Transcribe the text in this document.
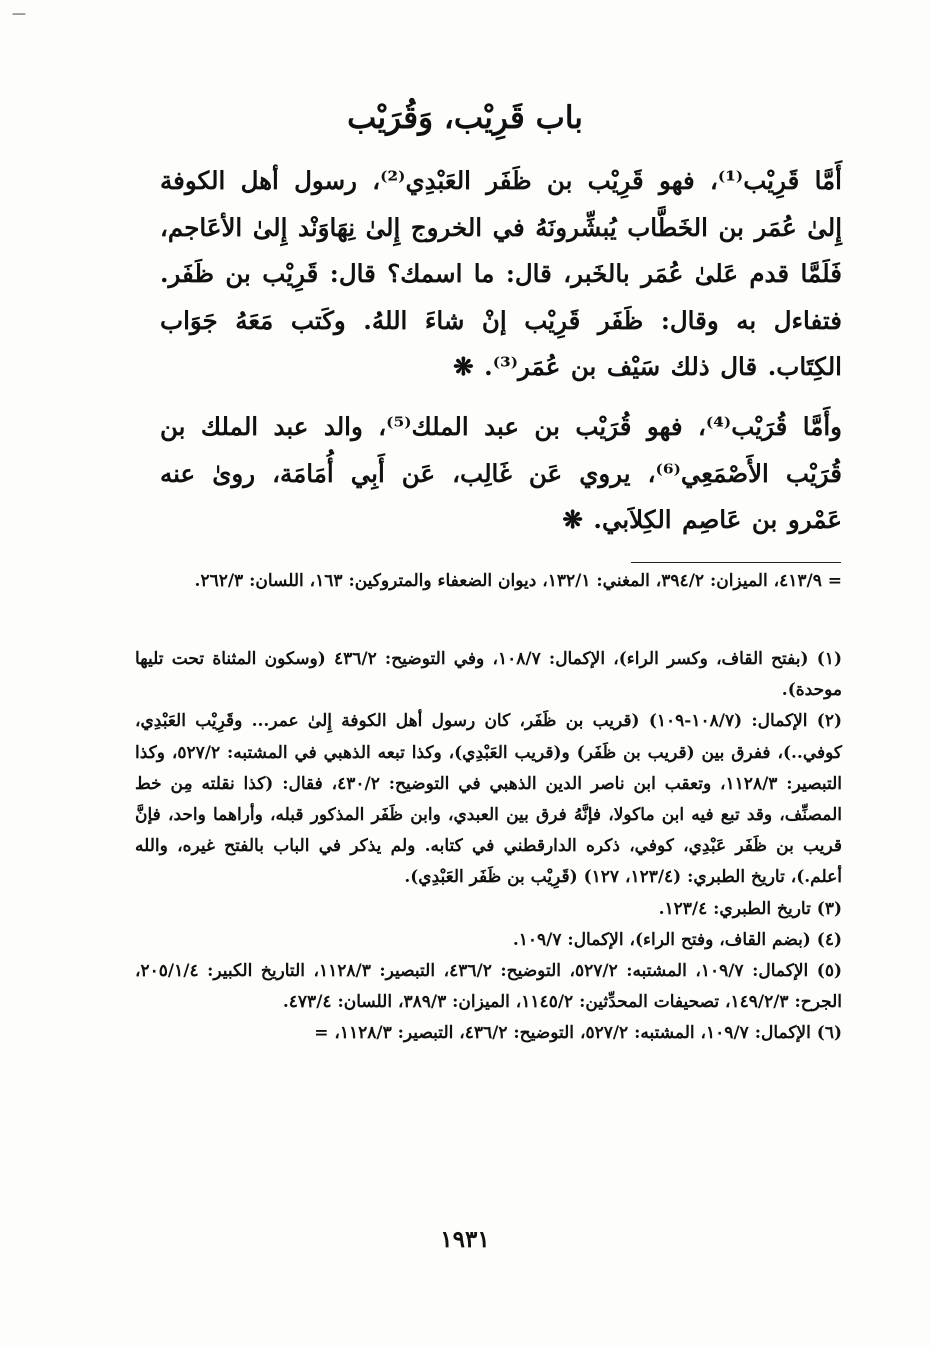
—
باب قَرِيْب، وَقُرَيْب
أَمَّا قَرِيْب⁽¹⁾، فهو قَرِيْب بن ظَفَر العَبْدِي⁽²⁾، رسول أهل الكوفة إِلىٰ عُمَر بن الخَطَّاب يُبشِّرونَهُ في الخروج إِلىٰ نِهَاوَنْد إِلىٰ الأعَاجم، فَلَمَّا قدم عَلىٰ عُمَر بالخَبر، قال: ما اسمك؟ قال: قَرِيْب بن ظَفَر. فتفاءل به وقال: ظَفَر قَرِيْب إنْ شاءَ اللهُ. وكَتب مَعَهُ جَوَاب الكِتَاب. قال ذلك سَيْف بن عُمَر⁽³⁾. ❋
وأَمَّا قُرَيْب⁽⁴⁾، فهو قُرَيْب بن عبد الملك⁽⁵⁾، والد عبد الملك بن قُرَيْب الأَصْمَعِي⁽⁶⁾، يروي عَن غَالِب، عَن أَبِي أُمَامَة، روىٰ عنه عَمْرو بن عَاصِم الكِلاَبي. ❋
= ٤١٣/٩، الميزان: ٣٩٤/٢، المغني: ١٣٢/١، ديوان الضعفاء والمتروكين: ١٦٣، اللسان: ٢٦٢/٣.
(١) (بفتح القاف، وكسر الراء)، الإكمال: ١٠٨/٧، وفي التوضيح: ٤٣٦/٢ (وسكون المثناة تحت تليها موحدة).
(٢) الإكمال: (١٠٨/٧-١٠٩) (قريب بن ظَفَر، كان رسول أهل الكوفة إِلىٰ عمر... وقَرِيْب العَبْدِي، كوفي..)، ففرق بين (قريب بن ظَفَر) و(قريب العَبْدِي)، وكذا تبعه الذهبي في المشتبه: ٥٢٧/٢، وكذا التبصير: ١١٢٨/٣، وتعقب ابن ناصر الدين الذهبي في التوضيح: ٤٣٠/٢، فقال: (كذا نقلته مِن خط المصنِّف، وقد تبع فيه ابن ماكولا، فإنَّهُ فرق بين العبدي، وابن ظَفَر المذكور قبله، وأراهما واحد، فإنَّ قريب بن ظَفَر عَبْدِي، كوفي، ذكره الدارقطني في كتابه. ولم يذكر في الباب بالفتح غيره، والله أعلم.)، تاريخ الطبري: (١٢٣/٤، ١٢٧) (قَرِيْب بن ظَفَر العَبْدِي).
(٣) تاريخ الطبري: ١٢٣/٤.
(٤) (بضم القاف، وفتح الراء)، الإكمال: ١٠٩/٧.
(٥) الإكمال: ١٠٩/٧، المشتبه: ٥٢٧/٢، التوضيح: ٤٣٦/٢، التبصير: ١١٢٨/٣، التاريخ الكبير: ٢٠٥/١/٤، الجرح: ١٤٩/٢/٣، تصحيفات المحدِّثين: ١١٤٥/٢، الميزان: ٣٨٩/٣، اللسان: ٤٧٣/٤.
(٦) الإكمال: ١٠٩/٧، المشتبه: ٥٢٧/٢، التوضيح: ٤٣٦/٢، التبصير: ١١٢٨/٣، =
١٩٣١
